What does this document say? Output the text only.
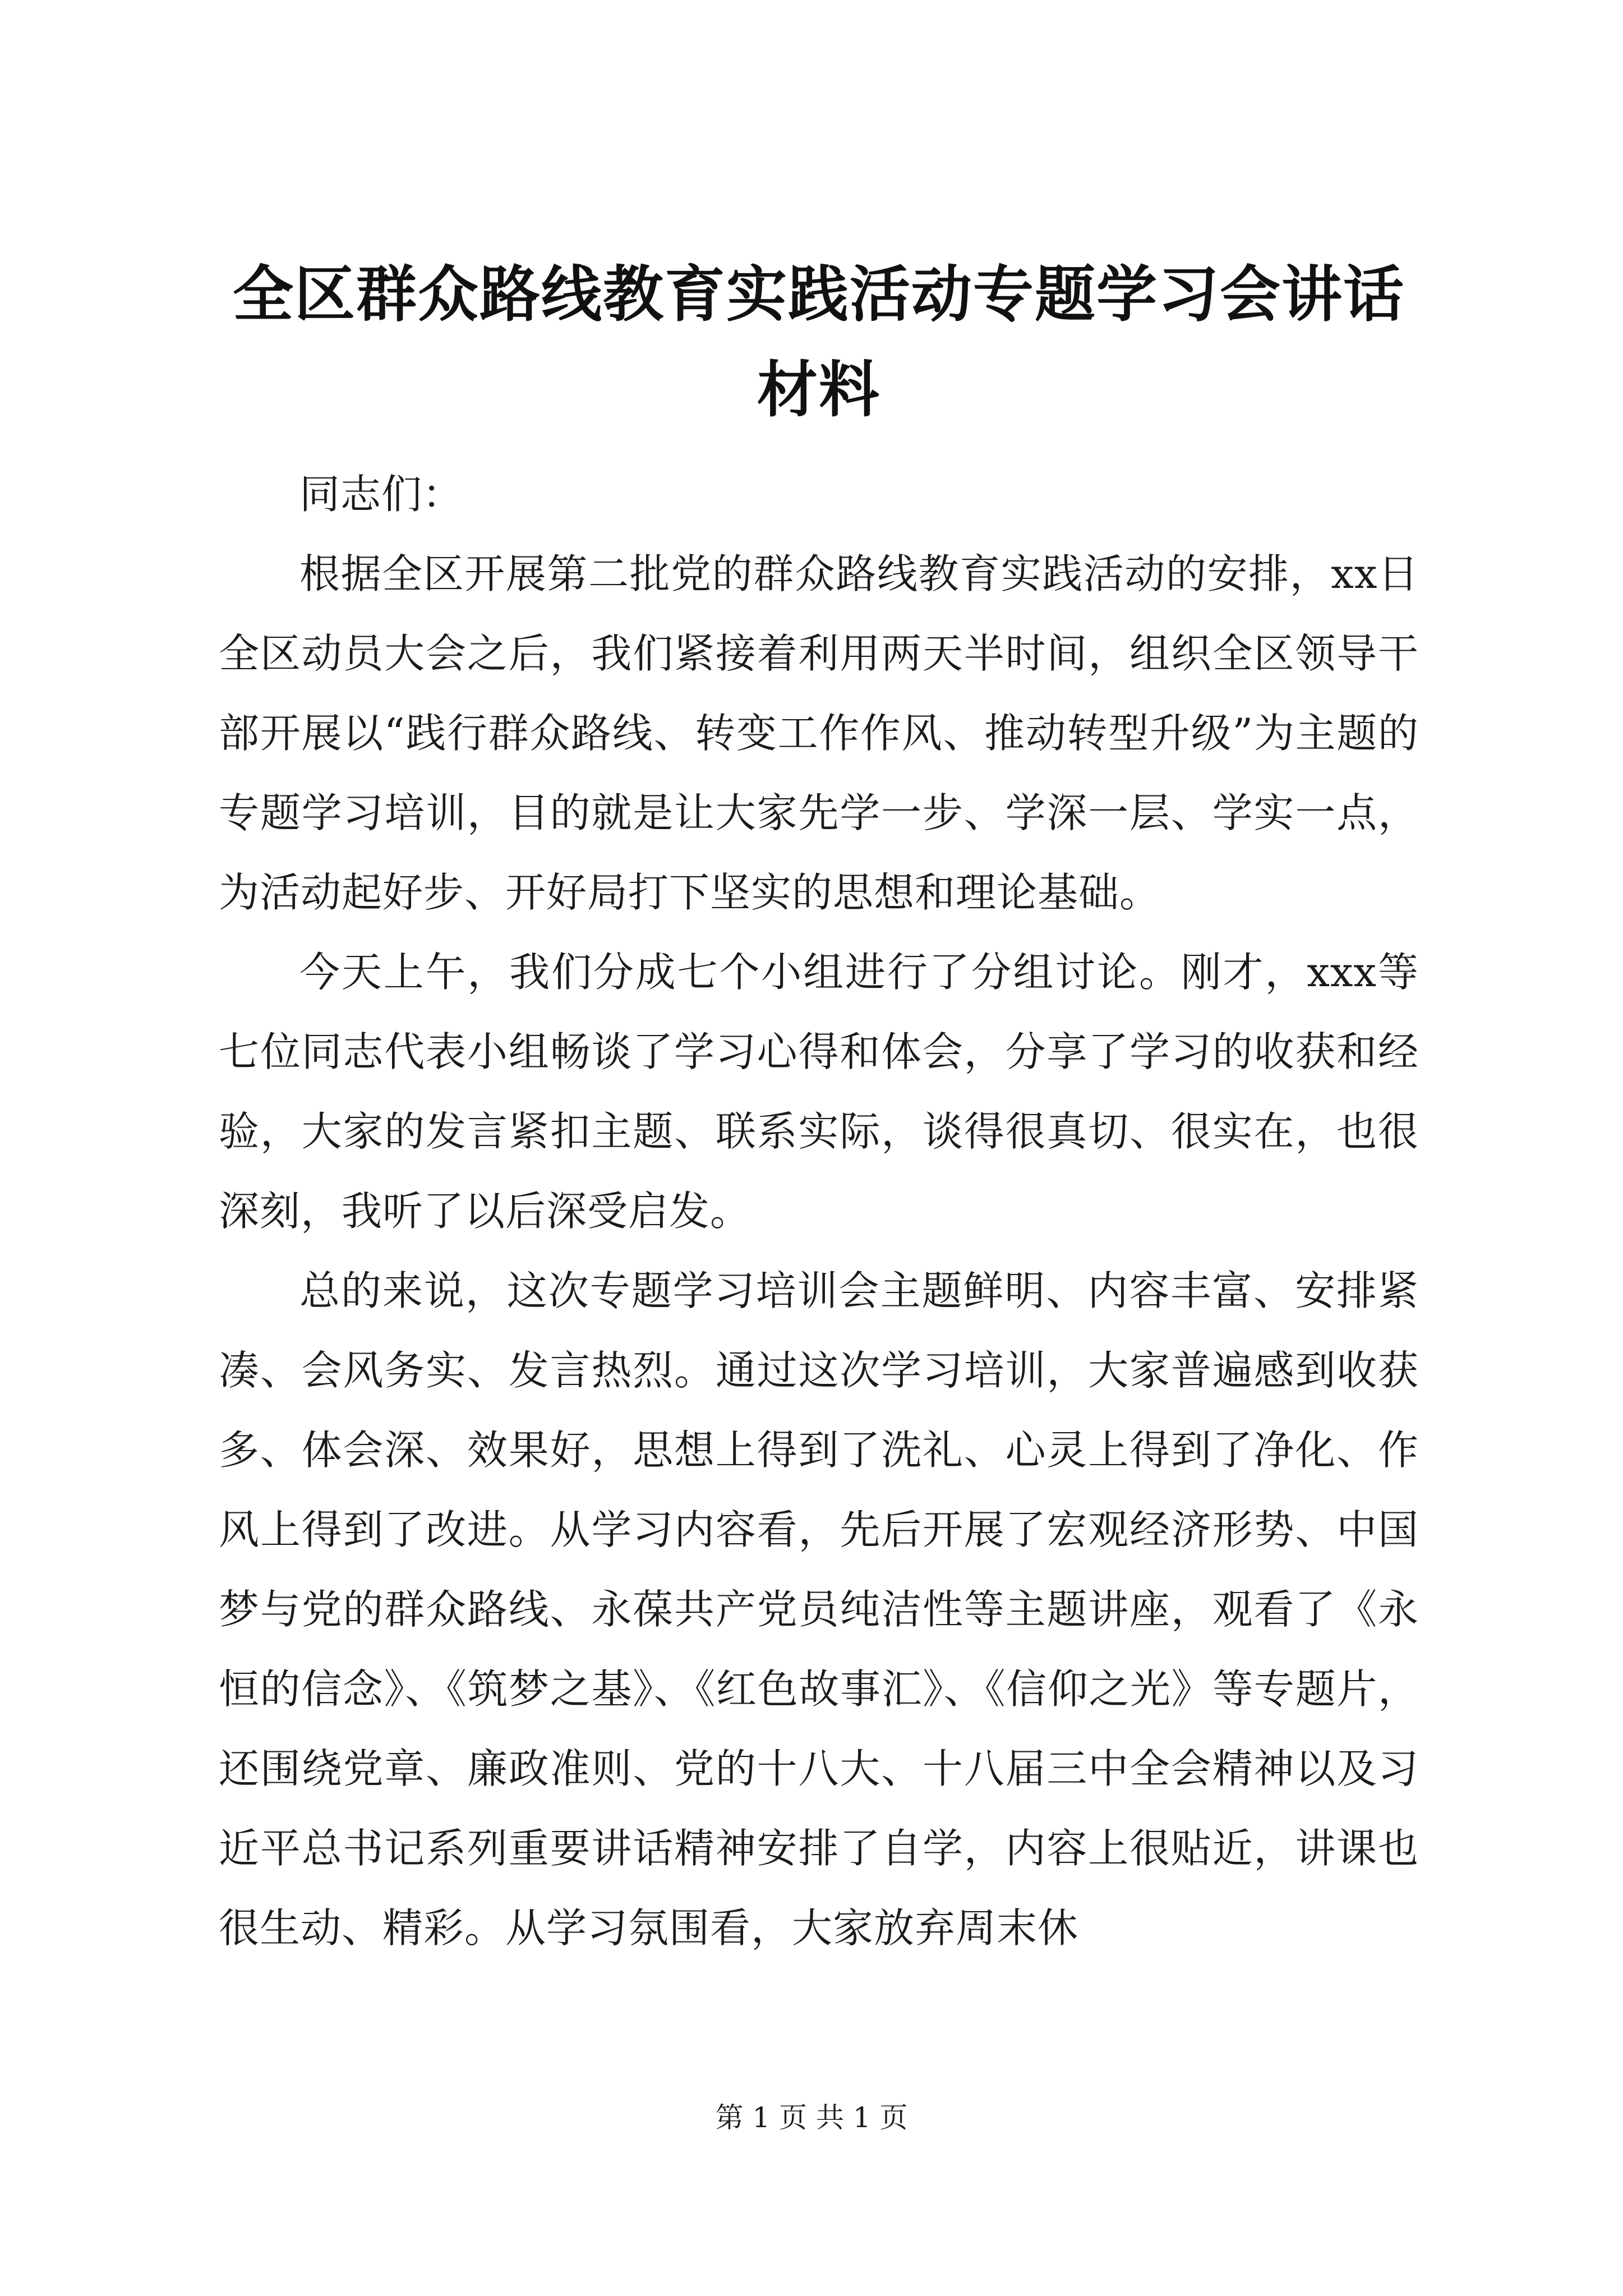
全区群众路线教育实践活动专题学习会讲话材料

同志们：

根据全区开展第二批党的群众路线教育实践活动的安排，xx日全区动员大会之后，我们紧接着利用两天半时间，组织全区领导干部开展以“践行群众路线、转变工作作风、推动转型升级”为主题的专题学习培训，目的就是让大家先学一步、学深一层、学实一点，为活动起好步、开好局打下坚实的思想和理论基础。

今天上午，我们分成七个小组进行了分组讨论。刚才，xxx等七位同志代表小组畅谈了学习心得和体会，分享了学习的收获和经验，大家的发言紧扣主题、联系实际，谈得很真切、很实在，也很深刻，我听了以后深受启发。

总的来说，这次专题学习培训会主题鲜明、内容丰富、安排紧凑、会风务实、发言热烈。通过这次学习培训，大家普遍感到收获多、体会深、效果好，思想上得到了洗礼、心灵上得到了净化、作风上得到了改进。从学习内容看，先后开展了宏观经济形势、中国梦与党的群众路线、永葆共产党员纯洁性等主题讲座，观看了《永恒的信念》、《筑梦之基》、《红色故事汇》、《信仰之光》等专题片，还围绕党章、廉政准则、党的十八大、十八届三中全会精神以及习近平总书记系列重要讲话精神安排了自学，内容上很贴近，讲课也很生动、精彩。从学习氛围看，大家放弃周末休

第 1 页 共 1 页
